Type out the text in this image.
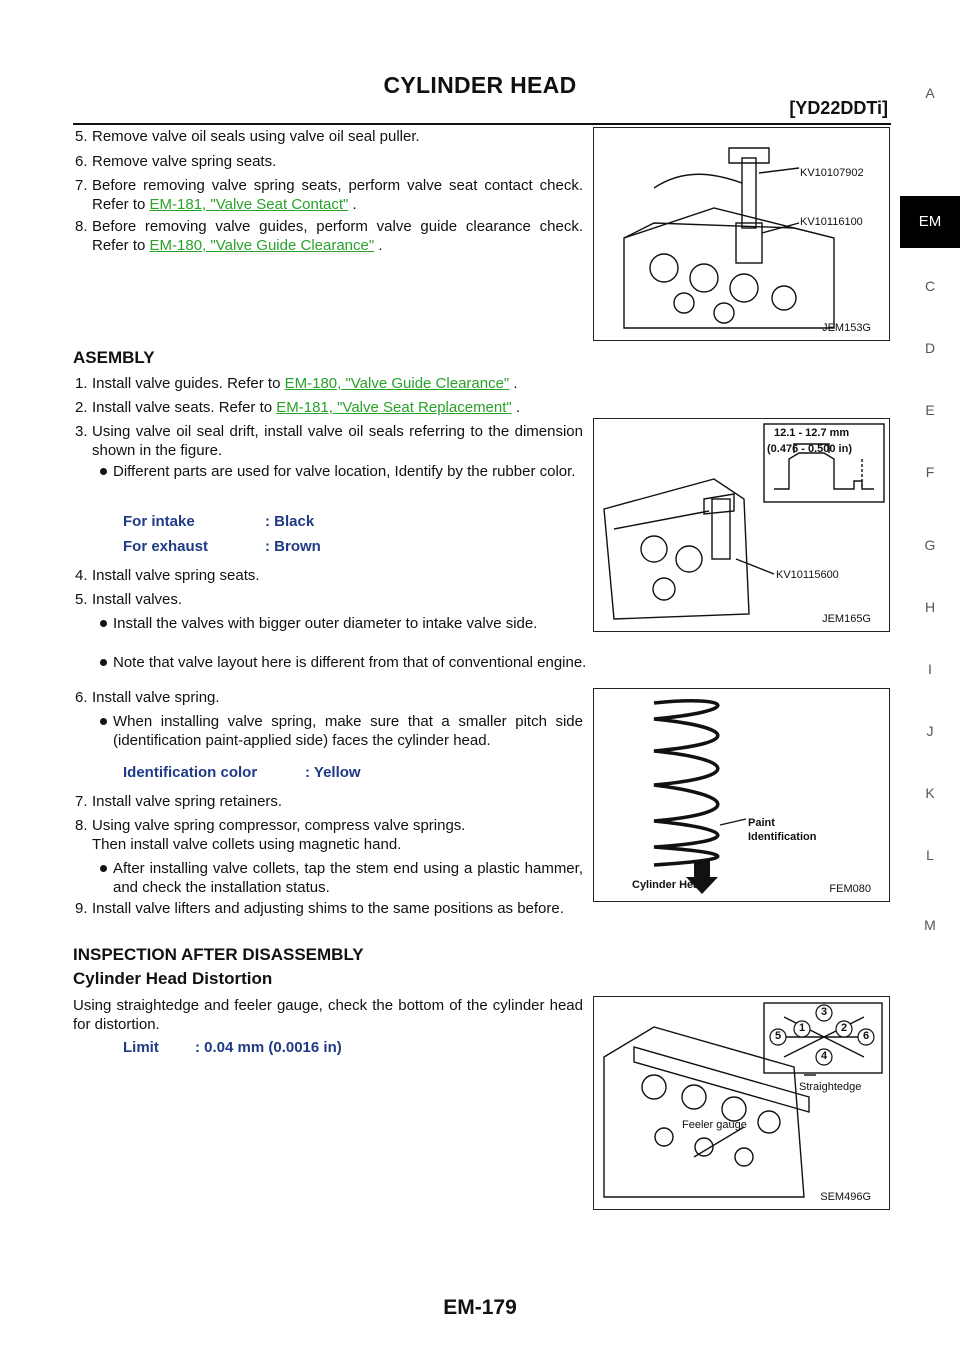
CYLINDER HEAD
[YD22DDTi]
A
EM
C
D
E
F
G
H
I
J
K
L
M
5. Remove valve oil seals using valve oil seal puller.
6. Remove valve spring seats.
7. Before removing valve spring seats, perform valve seat contact check. Refer to EM-181, "Valve Seat Contact" .
8. Before removing valve guides, perform valve guide clearance check. Refer to EM-180, "Valve Guide Clearance" .
ASEMBLY
1. Install valve guides. Refer to EM-180, "Valve Guide Clearance" .
2. Install valve seats. Refer to EM-181, "Valve Seat Replacement" .
3. Using valve oil seal drift, install valve oil seals referring to the dimension shown in the figure.
Different parts are used for valve location, Identify by the rubber color.
For intake	: Black
For exhaust	: Brown
4. Install valve spring seats.
5. Install valves.
Install the valves with bigger outer diameter to intake valve side.
Note that valve layout here is different from that of conventional engine.
6. Install valve spring.
When installing valve spring, make sure that a smaller pitch side (identification paint-applied side) faces the cylinder head.
Identification color	: Yellow
7. Install valve spring retainers.
8. Using valve spring compressor, compress valve springs.
Then install valve collets using magnetic hand.
After installing valve collets, tap the stem end using a plastic hammer, and check the installation status.
9. Install valve lifters and adjusting shims to the same positions as before.
INSPECTION AFTER DISASSEMBLY
Cylinder Head Distortion
Using straightedge and feeler gauge, check the bottom of the cylinder head for distortion.
Limit : 0.04 mm (0.0016 in)
KV10107902
KV10116100
JEM153G
12.1 - 12.7 mm
(0.476 - 0.500 in)
KV10115600
JEM165G
Paint
Identification
Cylinder Head	FEM080
5
1
3
2
6
4
Straightedge
Feeler gauge
SEM496G
EM-179
